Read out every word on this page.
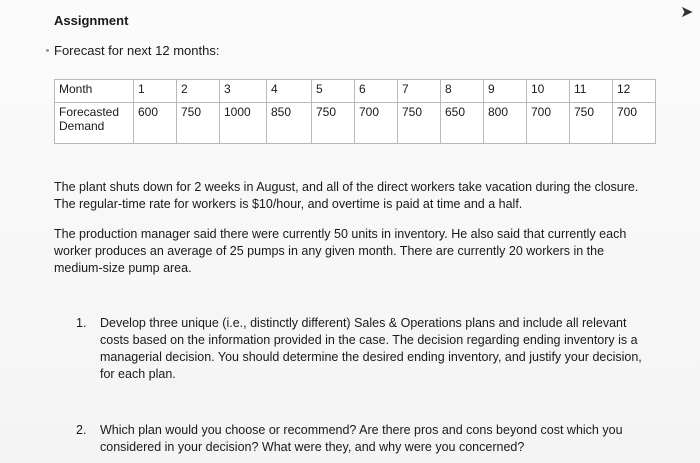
Assignment
Forecast for next 12 months:
➤
Month	1	2	3	4	5	6	7	8	9	10	11	12
Forecasted Demand	600	750	1000	850	750	700	750	650	800	700	750	700
The plant shuts down for 2 weeks in August, and all of the direct workers take vacation during the closure. The regular-time rate for workers is $10/hour, and overtime is paid at time and a half.
The production manager said there were currently 50 units in inventory. He also said that currently each worker produces an average of 25 pumps in any given month. There are currently 20 workers in the medium-size pump area.
1. Develop three unique (i.e., distinctly different) Sales & Operations plans and include all relevant costs based on the information provided in the case. The decision regarding ending inventory is a managerial decision. You should determine the desired ending inventory, and justify your decision, for each plan.
2. Which plan would you choose or recommend? Are there pros and cons beyond cost which you considered in your decision? What were they, and why were you concerned?
